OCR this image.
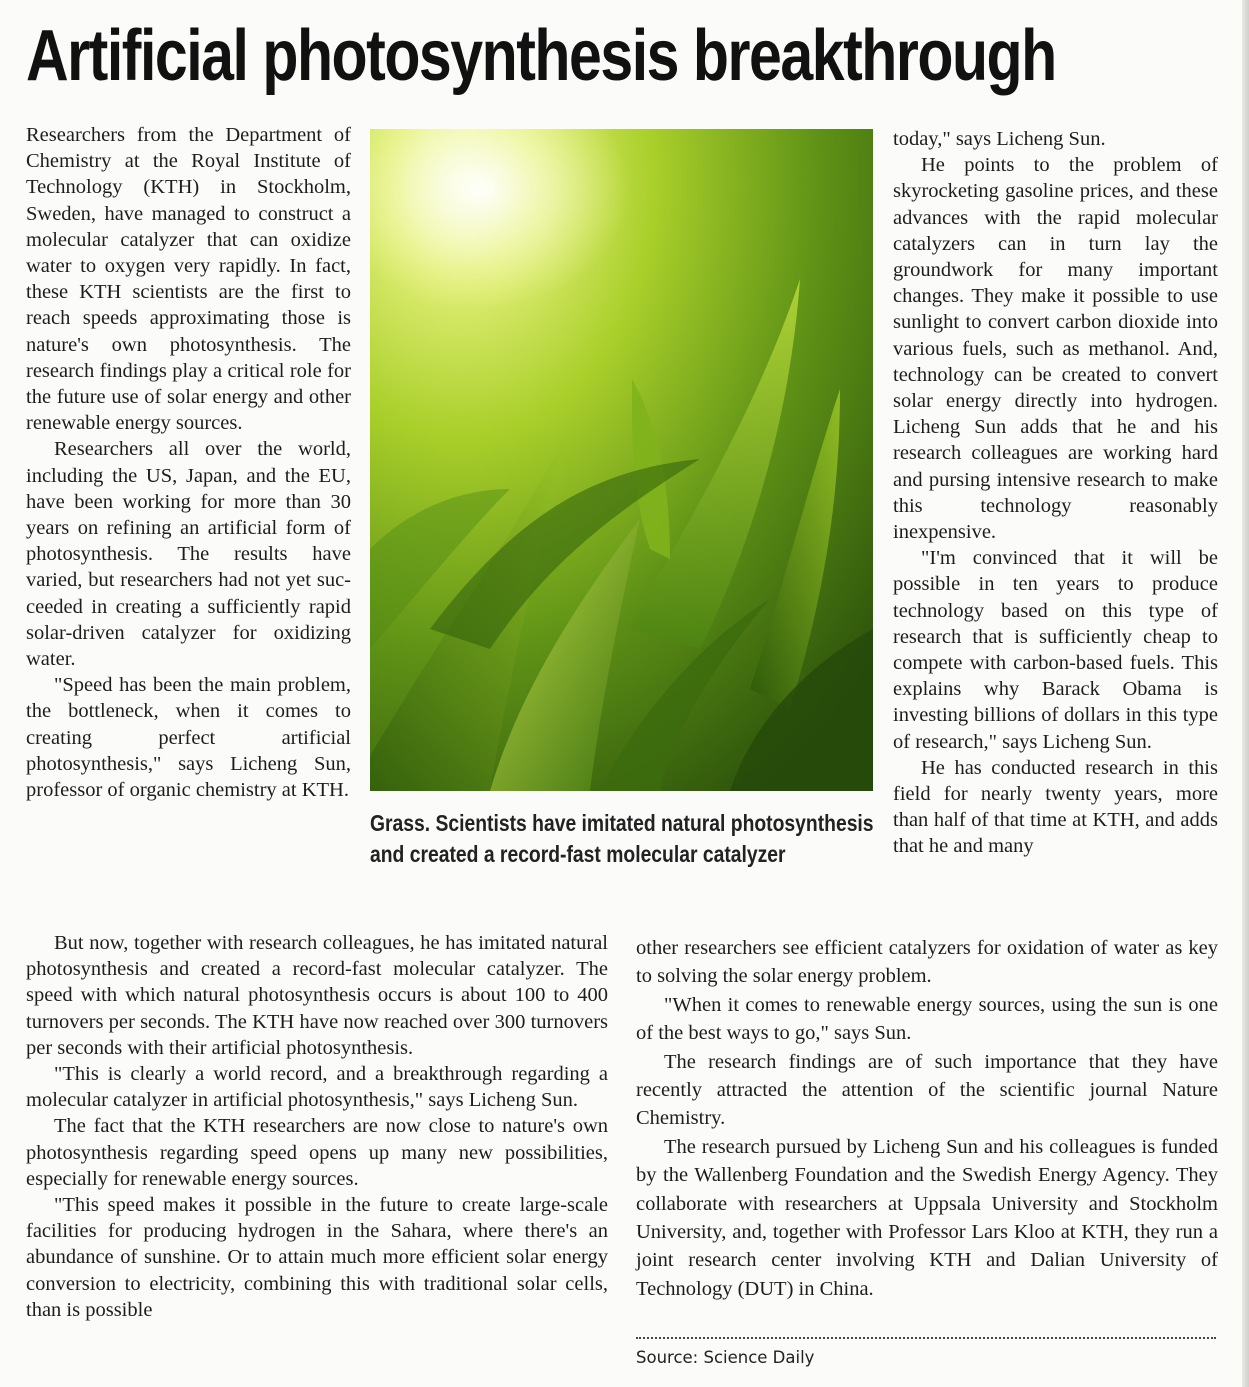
Artificial photosynthesis breakthrough

Researchers from the Department of Chemistry at the Royal Institute of Technology (KTH) in Stockholm, Sweden, have managed to construct a molecular catalyzer that can oxidize water to oxygen very rapidly. In fact, these KTH scientists are the first to reach speeds approximating those is nature's own photosynthesis. The research findings play a critical role for the future use of solar energy and other renewable energy sources.

Researchers all over the world, including the US, Japan, and the EU, have been working for more than 30 years on refining an artificial form of photosynthesis. The results have varied, but researchers had not yet succeeded in creating a sufficiently rapid solar-driven catalyzer for oxidizing water.

"Speed has been the main problem, the bottleneck, when it comes to creating perfect artificial photosynthesis," says Licheng Sun, professor of organic chemistry at KTH.

Grass. Scientists have imitated natural photosynthesis and created a record-fast molecular catalyzer

today," says Licheng Sun.

He points to the problem of skyrocketing gasoline prices, and these advances with the rapid molecular catalyzers can in turn lay the groundwork for many important changes. They make it possible to use sunlight to convert carbon dioxide into various fuels, such as methanol. And, technology can be created to convert solar energy directly into hydrogen. Licheng Sun adds that he and his research colleagues are working hard and pursing intensive research to make this technology reasonably inexpensive.

"I'm convinced that it will be possible in ten years to produce technology based on this type of research that is sufficiently cheap to compete with carbon-based fuels. This explains why Barack Obama is investing billions of dollars in this type of research," says Licheng Sun.

He has conducted research in this field for nearly twenty years, more than half of that time at KTH, and adds that he and many

But now, together with research colleagues, he has imitated natural photosynthesis and created a record-fast molecular catalyzer. The speed with which natural photosynthesis occurs is about 100 to 400 turnovers per seconds. The KTH have now reached over 300 turnovers per seconds with their artificial photosynthesis.

"This is clearly a world record, and a breakthrough regarding a molecular catalyzer in artificial photosynthesis," says Licheng Sun.

The fact that the KTH researchers are now close to nature's own photosynthesis regarding speed opens up many new possibilities, especially for renewable energy sources.

"This speed makes it possible in the future to create large-scale facilities for producing hydrogen in the Sahara, where there's an abundance of sunshine. Or to attain much more efficient solar energy conversion to electricity, combining this with traditional solar cells, than is possible

other researchers see efficient catalyzers for oxidation of water as key to solving the solar energy problem.

"When it comes to renewable energy sources, using the sun is one of the best ways to go," says Sun.

The research findings are of such importance that they have recently attracted the attention of the scientific journal Nature Chemistry.

The research pursued by Licheng Sun and his colleagues is funded by the Wallenberg Foundation and the Swedish Energy Agency. They collaborate with researchers at Uppsala University and Stockholm University, and, together with Professor Lars Kloo at KTH, they run a joint research center involving KTH and Dalian University of Technology (DUT) in China.

Source: Science Daily
